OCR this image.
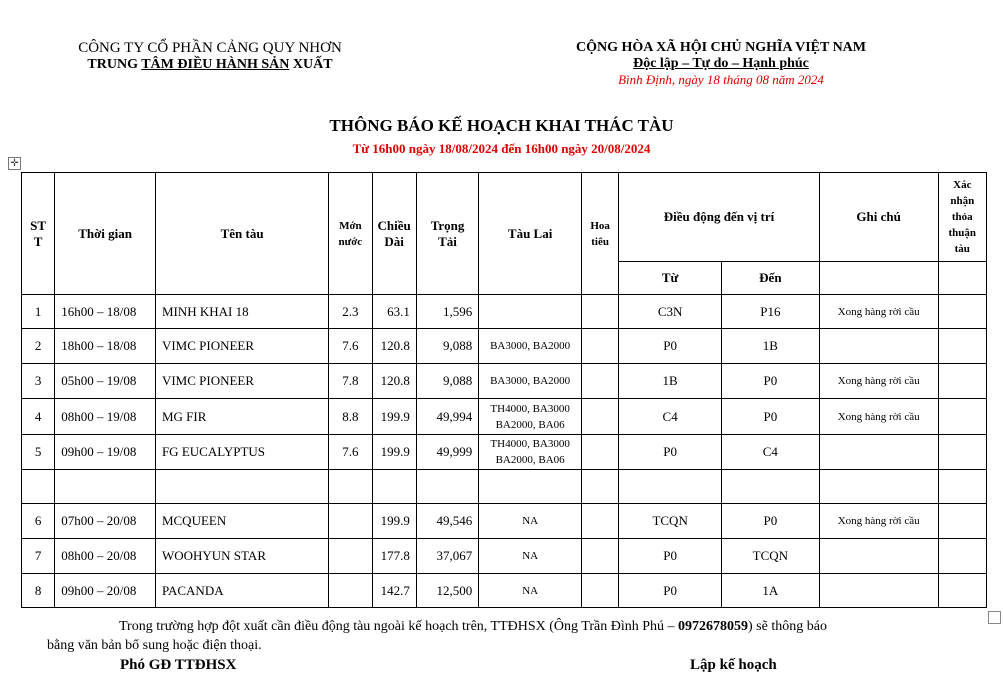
CÔNG TY CỔ PHẦN CẢNG QUY NHƠN
TRUNG TÂM ĐIỀU HÀNH SẢN XUẤT
CỘNG HÒA XÃ HỘI CHỦ NGHĨA VIỆT NAM
Độc lập – Tự do – Hạnh phúc
Bình Định, ngày 18 tháng 08 năm 2024
THÔNG BÁO KẾ HOẠCH KHAI THÁC TÀU
Từ 16h00 ngày 18/08/2024 đến 16h00 ngày 20/08/2024
✛
ST T	Thời gian	Tên tàu	Mớn nước	Chiều Dài	Trọng Tải	Tàu Lai	Hoa tiêu	Điều động đến vị trí		Ghi chú	Xác nhận thỏa thuận tàu
								Từ	Đến		
1	16h00 – 18/08	MINH KHAI 18	2.3	63.1	1,596			C3N	P16	Xong hàng rời cầu	
2	18h00 – 18/08	VIMC PIONEER	7.6	120.8	9,088	BA3000, BA2000		P0	1B		
3	05h00 – 19/08	VIMC PIONEER	7.8	120.8	9,088	BA3000, BA2000		1B	P0	Xong hàng rời cầu	
4	08h00 – 19/08	MG FIR	8.8	199.9	49,994	TH4000, BA3000
BA2000, BA06		C4	P0	Xong hàng rời cầu	
5	09h00 – 19/08	FG EUCALYPTUS	7.6	199.9	49,999	TH4000, BA3000
BA2000, BA06		P0	C4		

6	07h00 – 20/08	MCQUEEN		199.9	49,546	NA		TCQN	P0	Xong hàng rời cầu	
7	08h00 – 20/08	WOOHYUN STAR		177.8	37,067	NA		P0	TCQN		
8	09h00 – 20/08	PACANDA		142.7	12,500	NA		P0	1A		
Trong trường hợp đột xuất cần điều động tàu ngoài kế hoạch trên, TTĐHSX (Ông Trần Đình Phú – 0972678059) sẽ thông báo
bằng văn bản bổ sung hoặc điện thoại.
Phó GĐ TTĐHSX	Lập kế hoạch
